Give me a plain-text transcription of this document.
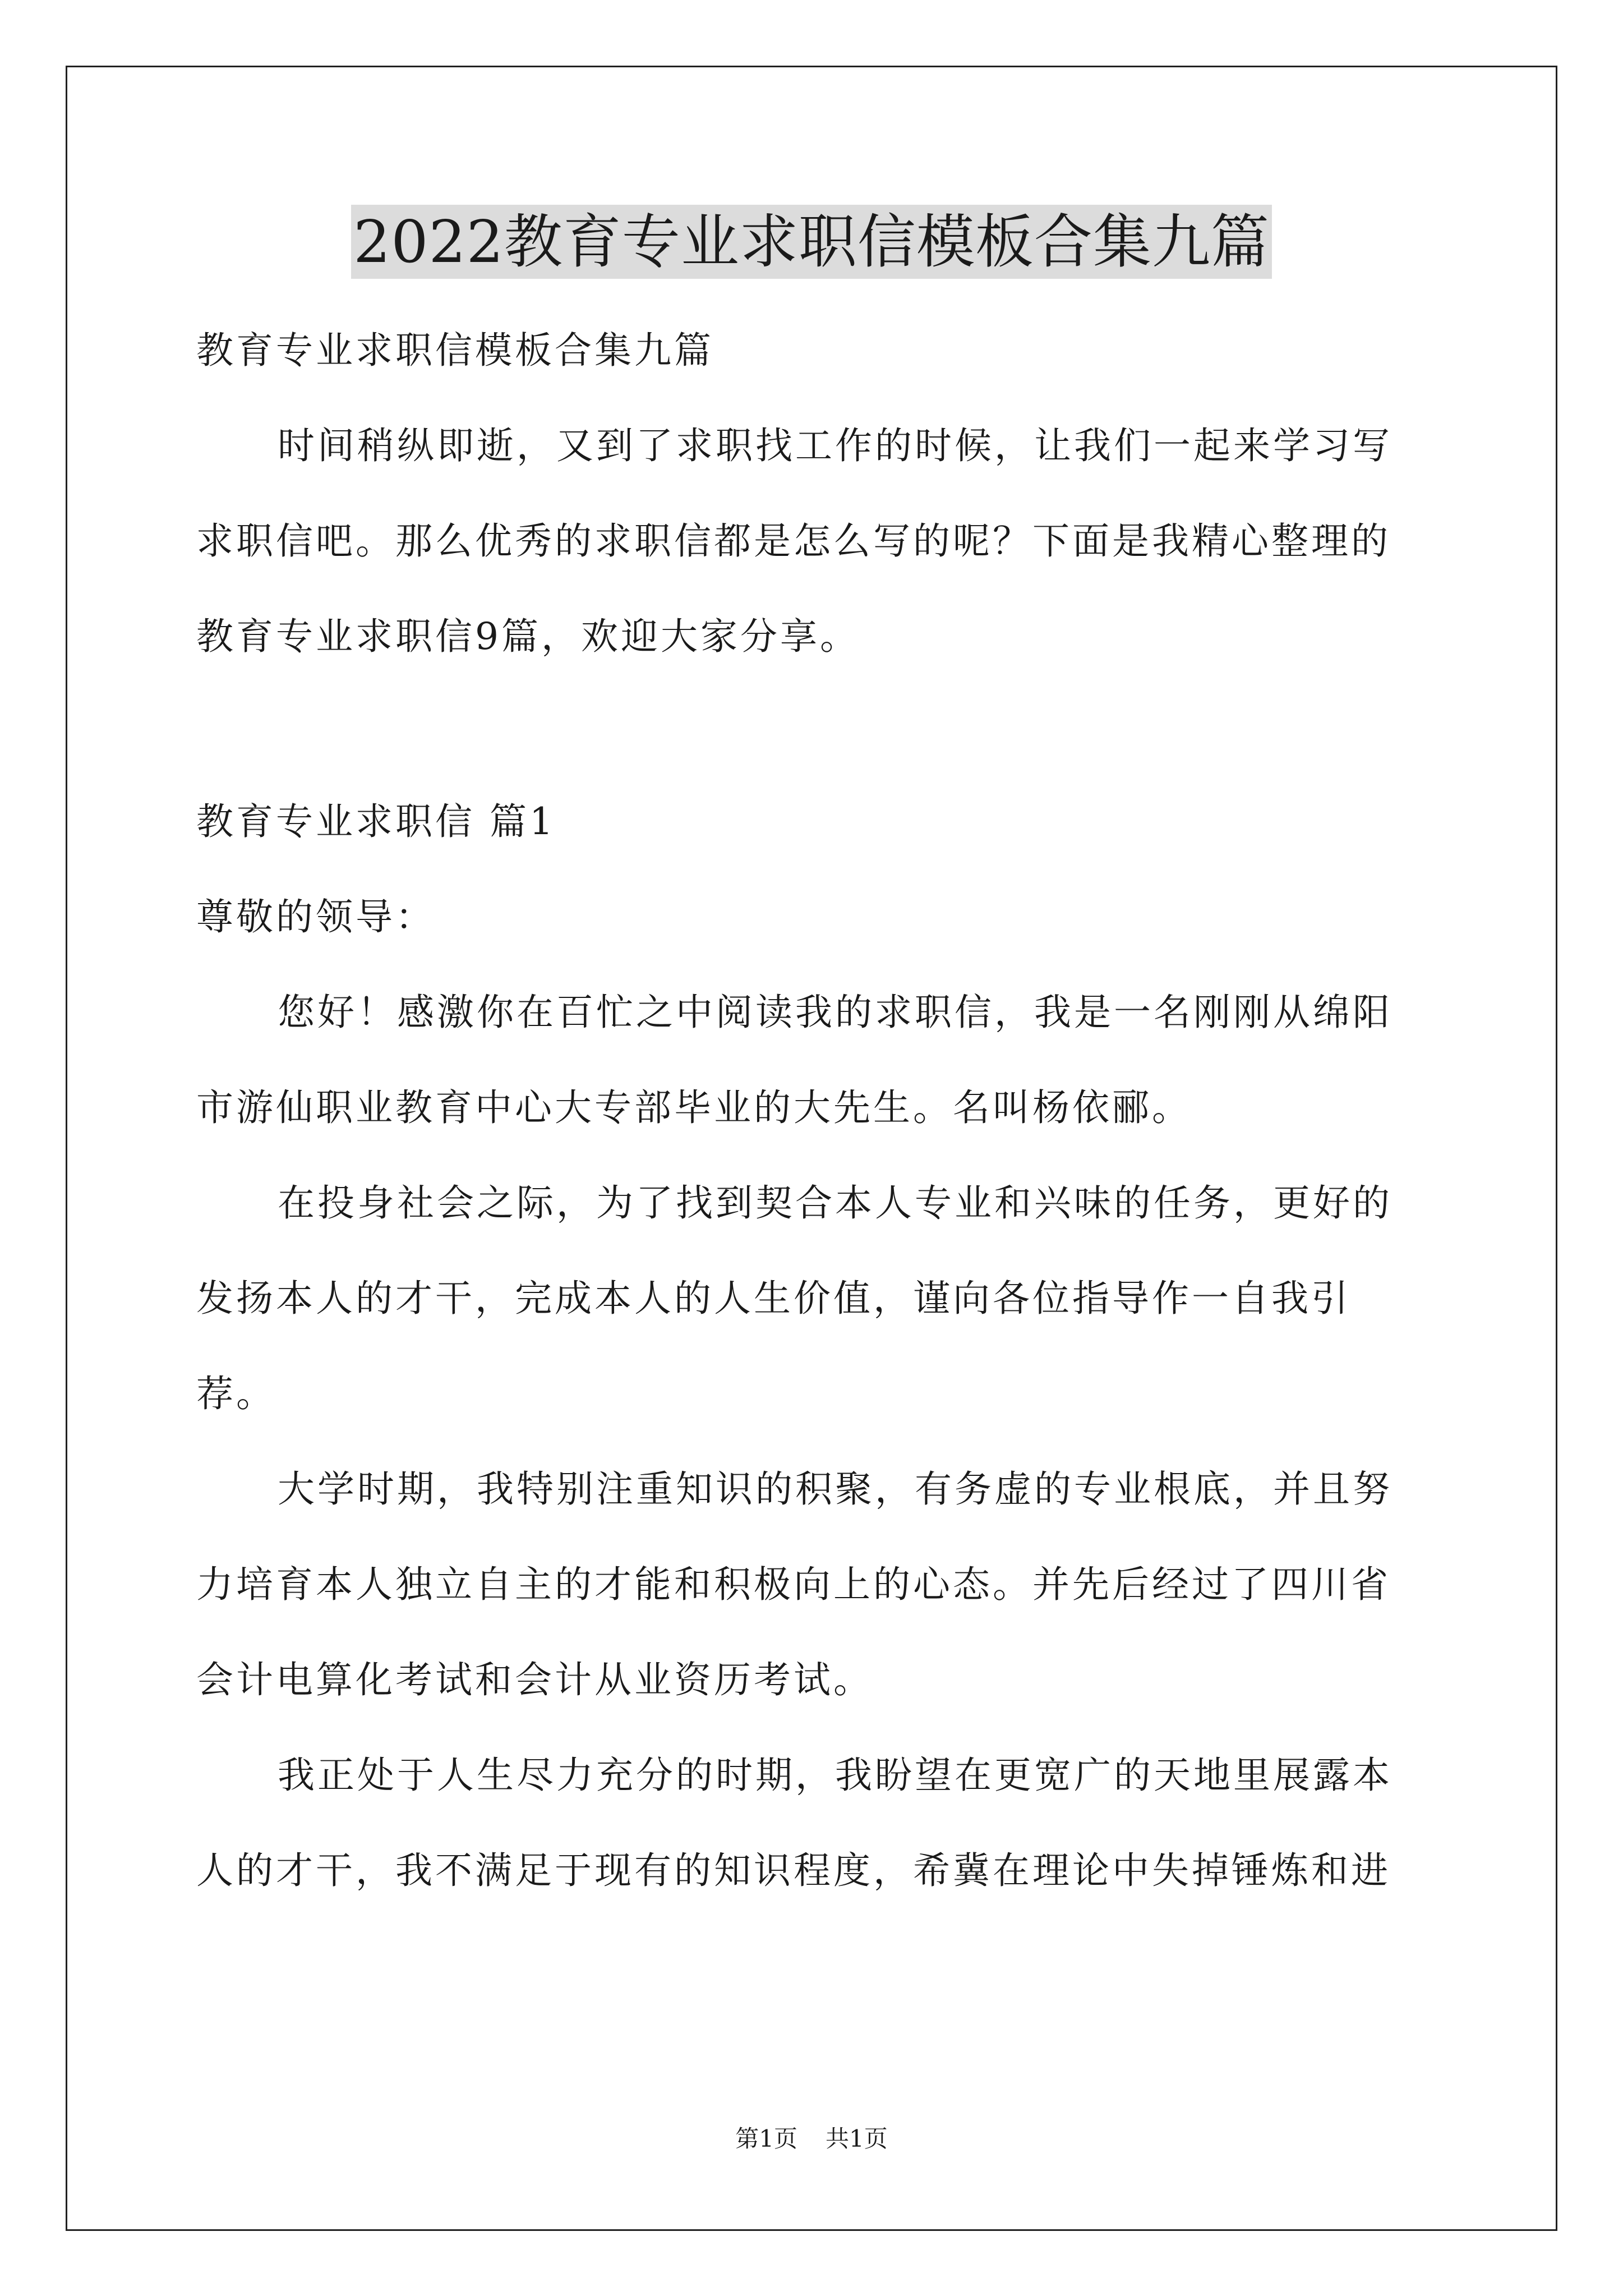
2022教育专业求职信模板合集九篇

教育专业求职信模板合集九篇

时间稍纵即逝，又到了求职找工作的时候，让我们一起来学习写求职信吧。那么优秀的求职信都是怎么写的呢？下面是我精心整理的教育专业求职信9篇，欢迎大家分享。

教育专业求职信 篇1

尊敬的领导：

您好！感激你在百忙之中阅读我的求职信，我是一名刚刚从绵阳市游仙职业教育中心大专部毕业的大先生。名叫杨依郦。

在投身社会之际，为了找到契合本人专业和兴味的任务，更好的发扬本人的才干，完成本人的人生价值，谨向各位指导作一自我引荐。

大学时期，我特别注重知识的积聚，有务虚的专业根底，并且努力培育本人独立自主的才能和积极向上的心态。并先后经过了四川省会计电算化考试和会计从业资历考试。

我正处于人生尽力充分的时期，我盼望在更宽广的天地里展露本人的才干，我不满足于现有的知识程度，希冀在理论中失掉锤炼和进

第1页 共1页
